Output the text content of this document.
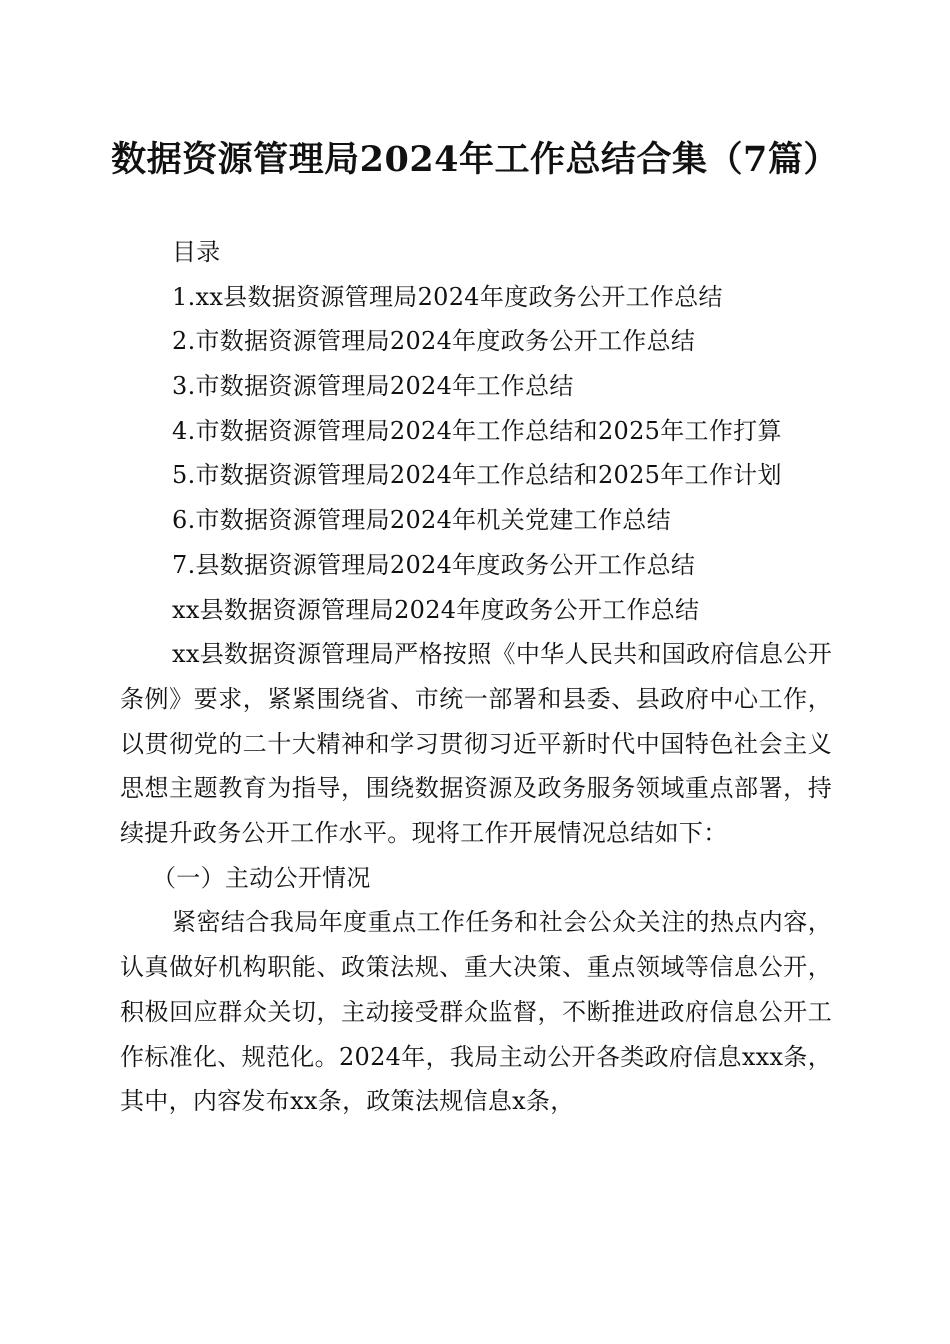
数据资源管理局2024年工作总结合集（7篇）
目录
1.xx县数据资源管理局2024年度政务公开工作总结
2.市数据资源管理局2024年度政务公开工作总结
3.市数据资源管理局2024年工作总结
4.市数据资源管理局2024年工作总结和2025年工作打算
5.市数据资源管理局2024年工作总结和2025年工作计划
6.市数据资源管理局2024年机关党建工作总结
7.县数据资源管理局2024年度政务公开工作总结
xx县数据资源管理局2024年度政务公开工作总结

xx县数据资源管理局严格按照《中华人民共和国政府信息公开条例》要求，紧紧围绕省、市统一部署和县委、县政府中心工作，以贯彻党的二十大精神和学习贯彻习近平新时代中国特色社会主义思想主题教育为指导，围绕数据资源及政务服务领域重点部署，持续提升政务公开工作水平。现将工作开展情况总结如下：

（一）主动公开情况

紧密结合我局年度重点工作任务和社会公众关注的热点内容，认真做好机构职能、政策法规、重大决策、重点领域等信息公开，积极回应群众关切，主动接受群众监督，不断推进政府信息公开工作标准化、规范化。2024年，我局主动公开各类政府信息xxx条，其中，内容发布xx条，政策法规信息x条，
